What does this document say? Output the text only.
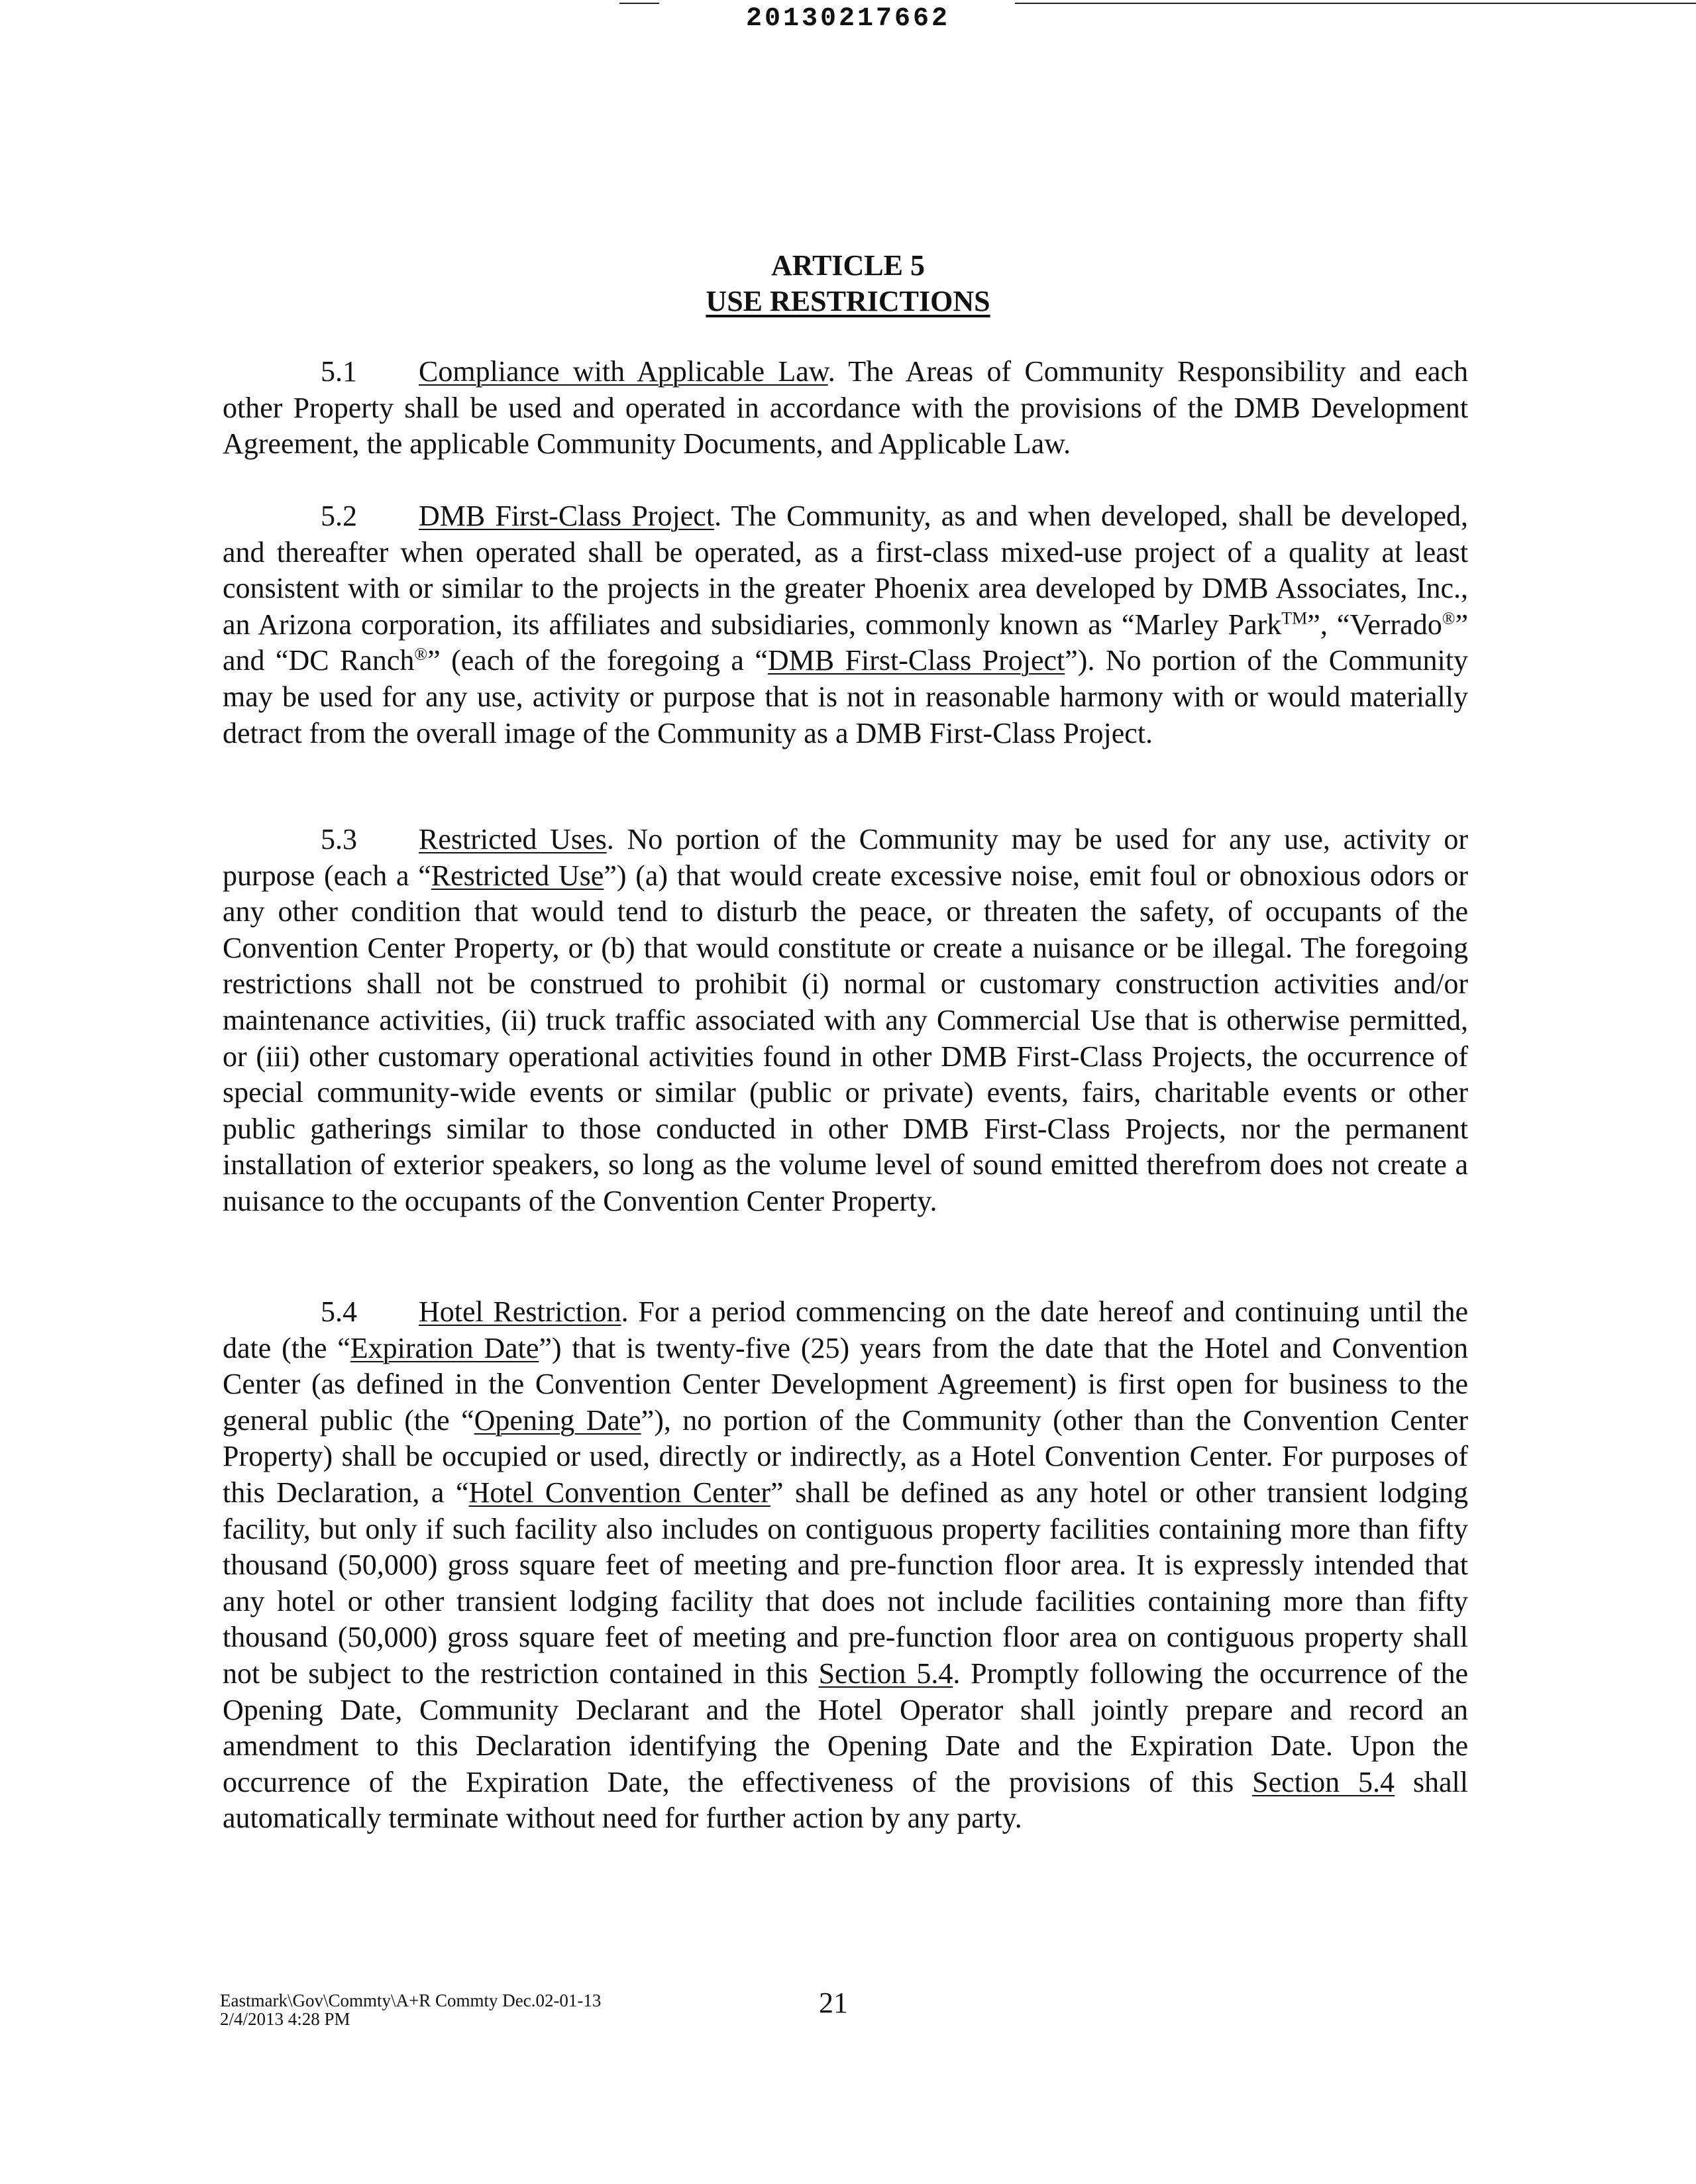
20130217662
ARTICLE 5
USE RESTRICTIONS

5.1 Compliance with Applicable Law. The Areas of Community Responsibility and each other Property shall be used and operated in accordance with the provisions of the DMB Development Agreement, the applicable Community Documents, and Applicable Law.

5.2 DMB First-Class Project. The Community, as and when developed, shall be developed, and thereafter when operated shall be operated, as a first-class mixed-use project of a quality at least consistent with or similar to the projects in the greater Phoenix area developed by DMB Associates, Inc., an Arizona corporation, its affiliates and subsidiaries, commonly known as “Marley Park™”, “Verrado®” and “DC Ranch®” (each of the foregoing a “DMB First-Class Project”). No portion of the Community may be used for any use, activity or purpose that is not in reasonable harmony with or would materially detract from the overall image of the Community as a DMB First-Class Project.

5.3 Restricted Uses. No portion of the Community may be used for any use, activity or purpose (each a “Restricted Use”) (a) that would create excessive noise, emit foul or obnoxious odors or any other condition that would tend to disturb the peace, or threaten the safety, of occupants of the Convention Center Property, or (b) that would constitute or create a nuisance or be illegal. The foregoing restrictions shall not be construed to prohibit (i) normal or customary construction activities and/or maintenance activities, (ii) truck traffic associated with any Commercial Use that is otherwise permitted, or (iii) other customary operational activities found in other DMB First-Class Projects, the occurrence of special community-wide events or similar (public or private) events, fairs, charitable events or other public gatherings similar to those conducted in other DMB First-Class Projects, nor the permanent installation of exterior speakers, so long as the volume level of sound emitted therefrom does not create a nuisance to the occupants of the Convention Center Property.

5.4 Hotel Restriction. For a period commencing on the date hereof and continuing until the date (the “Expiration Date”) that is twenty-five (25) years from the date that the Hotel and Convention Center (as defined in the Convention Center Development Agreement) is first open for business to the general public (the “Opening Date”), no portion of the Community (other than the Convention Center Property) shall be occupied or used, directly or indirectly, as a Hotel Convention Center. For purposes of this Declaration, a “Hotel Convention Center” shall be defined as any hotel or other transient lodging facility, but only if such facility also includes on contiguous property facilities containing more than fifty thousand (50,000) gross square feet of meeting and pre-function floor area. It is expressly intended that any hotel or other transient lodging facility that does not include facilities containing more than fifty thousand (50,000) gross square feet of meeting and pre-function floor area on contiguous property shall not be subject to the restriction contained in this Section 5.4. Promptly following the occurrence of the Opening Date, Community Declarant and the Hotel Operator shall jointly prepare and record an amendment to this Declaration identifying the Opening Date and the Expiration Date. Upon the occurrence of the Expiration Date, the effectiveness of the provisions of this Section 5.4 shall automatically terminate without need for further action by any party.

Eastmark\Gov\Commty\A+R Commty Dec.02-01-13
2/4/2013 4:28 PM	21
